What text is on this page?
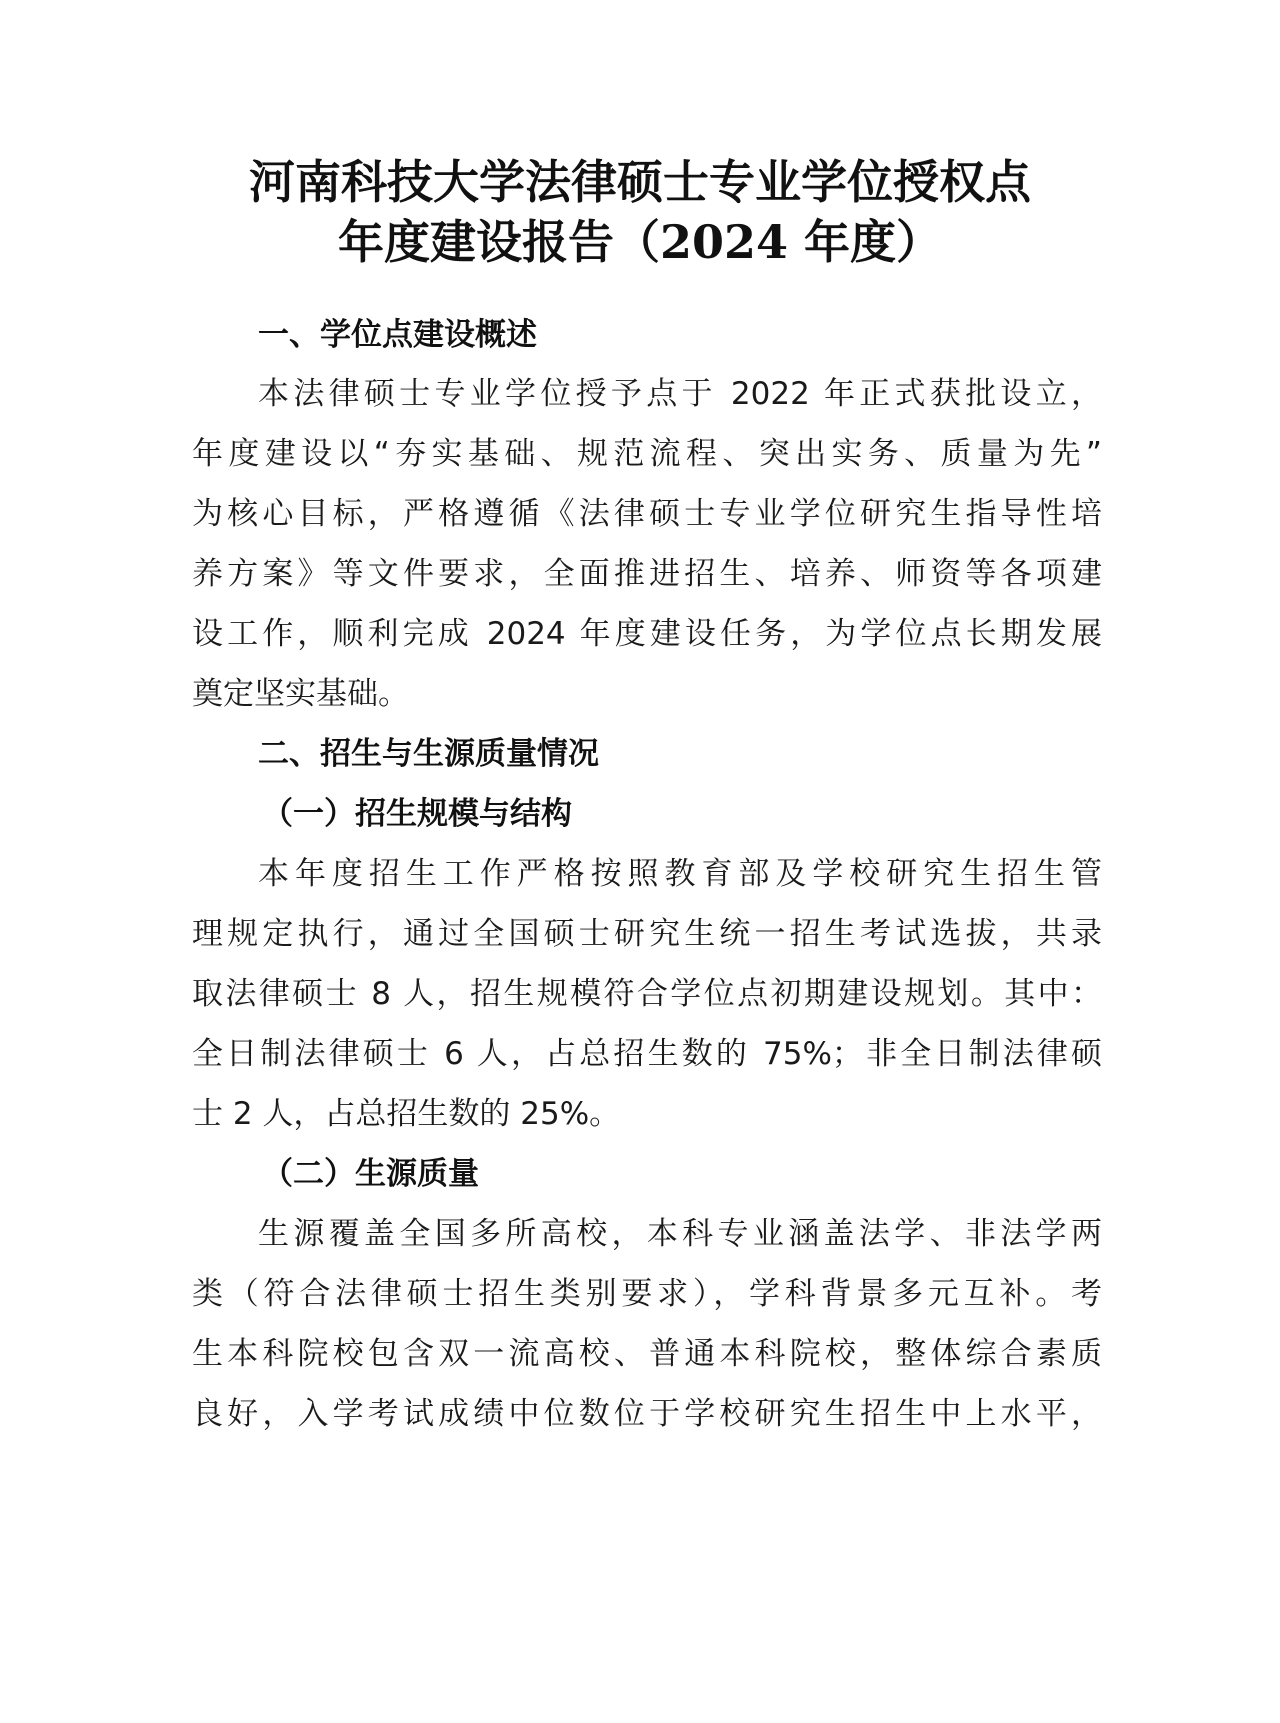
河南科技大学法律硕士专业学位授权点
年度建设报告（2024 年度）
一、学位点建设概述
本法律硕士专业学位授予点于 2022 年正式获批设立，
年度建设以“夯实基础、规范流程、突出实务、质量为先”
为核心目标，严格遵循《法律硕士专业学位研究生指导性培
养方案》等文件要求，全面推进招生、培养、师资等各项建
设工作，顺利完成 2024 年度建设任务，为学位点长期发展
奠定坚实基础。
二、招生与生源质量情况
（一）招生规模与结构
本年度招生工作严格按照教育部及学校研究生招生管
理规定执行，通过全国硕士研究生统一招生考试选拔，共录
取法律硕士 8 人，招生规模符合学位点初期建设规划。其中：
全日制法律硕士 6 人，占总招生数的 75%；非全日制法律硕
士 2 人，占总招生数的 25%。
（二）生源质量
生源覆盖全国多所高校，本科专业涵盖法学、非法学两
类（符合法律硕士招生类别要求），学科背景多元互补。考
生本科院校包含双一流高校、普通本科院校，整体综合素质
良好，入学考试成绩中位数位于学校研究生招生中上水平，
